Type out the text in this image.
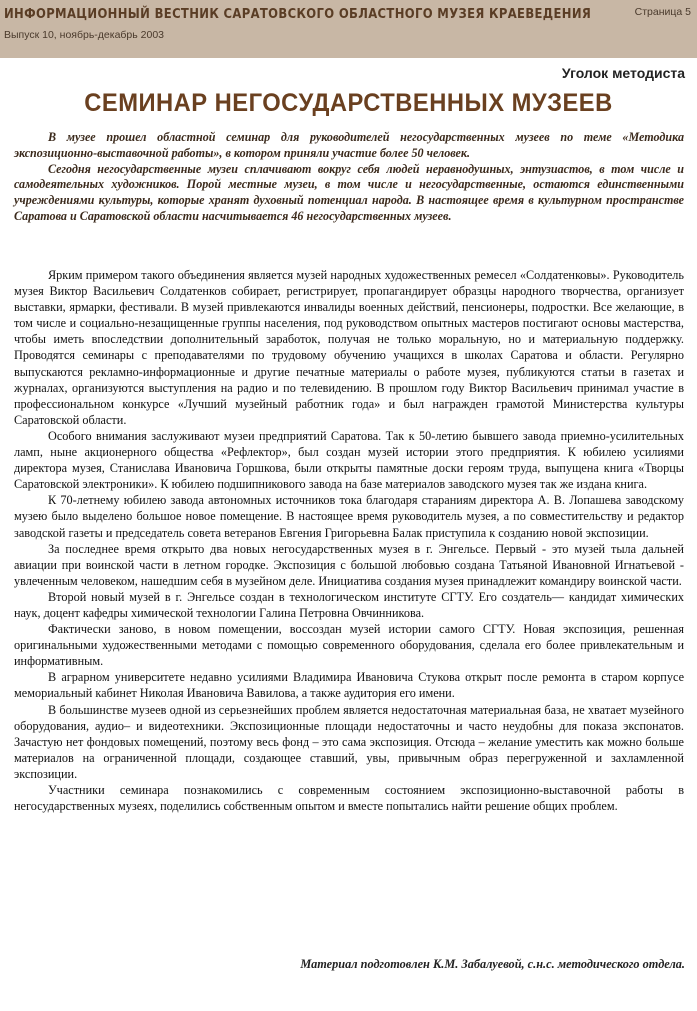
ИНФОРМАЦИОННЫЙ ВЕСТНИК САРАТОВСКОГО ОБЛАСТНОГО МУЗЕЯ КРАЕВЕДЕНИЯ
Выпуск 10, ноябрь-декабрь 2003
Страница 5
Уголок методиста
СЕМИНАР НЕГОСУДАРСТВЕННЫХ МУЗЕЕВ

В музее прошел областной семинар для руководителей негосударственных музеев по теме «Методика экспозиционно-выставочной работы», в котором приняли участие более 50 человек.

Сегодня негосударственные музеи сплачивают вокруг себя людей неравнодушных, энтузиастов, в том числе и самодеятельных художников. Порой местные музеи, в том числе и негосударственные, остаются единственными учреждениями культуры, которые хранят духовный потенциал народа. В настоящее время в культурном пространстве Саратова и Саратовской области насчитывается 46 негосударственных музеев.

Ярким примером такого объединения является музей народных художественных ремесел «Солдатенковы». Руководитель музея Виктор Васильевич Солдатенков собирает, регистрирует, пропагандирует образцы народного творчества, организует выставки, ярмарки, фестивали. В музей привлекаются инвалиды военных действий, пенсионеры, подростки. Все желающие, в том числе и социально-незащищенные группы населения, под руководством опытных мастеров постигают основы мастерства, чтобы иметь впоследствии дополнительный заработок, получая не только моральную, но и материальную поддержку. Проводятся семинары с преподавателями по трудовому обучению учащихся в школах Саратова и области. Регулярно выпускаются рекламно-информационные и другие печатные материалы о работе музея, публикуются статьи в газетах и журналах, организуются выступления на радио и по телевидению. В прошлом году Виктор Васильевич принимал участие в профессиональном конкурсе «Лучший музейный работник года» и был награжден грамотой Министерства культуры Саратовской области.

Особого внимания заслуживают музеи предприятий Саратова. Так к 50-летию бывшего завода приемно-усилительных ламп, ныне акционерного общества «Рефлектор», был создан музей истории этого предприятия. К юбилею усилиями директора музея, Станислава Ивановича Горшкова, были открыты памятные доски героям труда, выпущена книга «Творцы Саратовской электроники». К юбилею подшипникового завода на базе материалов заводского музея так же издана книга.

К 70-летнему юбилею завода автономных источников тока благодаря стараниям директора А. В. Лопашева заводскому музею было выделено большое новое помещение. В настоящее время руководитель музея, а по совместительству и редактор заводской газеты и председатель совета ветеранов Евгения Григорьевна Балак приступила к созданию новой экспозиции.

За последнее время открыто два новых негосударственных музея в г. Энгельсе. Первый - это музей тыла дальней авиации при воинской части в летном городке. Экспозиция с большой любовью создана Татьяной Ивановной Игнатьевой - увлеченным человеком, нашедшим себя в музейном деле. Инициатива создания музея принадлежит командиру воинской части.

Второй новый музей в г. Энгельсе создан в технологическом институте СГТУ. Его создатель— кандидат химических наук, доцент кафедры химической технологии Галина Петровна Овчинникова.

Фактически заново, в новом помещении, воссоздан музей истории самого СГТУ. Новая экспозиция, решенная оригинальными художественными методами с помощью современного оборудования, сделала его более привлекательным и информативным.

В аграрном университете недавно усилиями Владимира Ивановича Стукова открыт после ремонта в старом корпусе мемориальный кабинет Николая Ивановича Вавилова, а также аудитория его имени.

В большинстве музеев одной из серьезнейших проблем является недостаточная материальная база, не хватает музейного оборудования, аудио– и видеотехники. Экспозиционные площади недостаточны и часто неудобны для показа экспонатов. Зачастую нет фондовых помещений, поэтому весь фонд – это сама экспозиция. Отсюда – желание уместить как можно больше материалов на ограниченной площади, создающее ставший, увы, привычным образ перегруженной и захламленной экспозиции.

Участники семинара познакомились с современным состоянием экспозиционно-выставочной работы в негосударственных музеях, поделились собственным опытом и вместе попытались найти решение общих проблем.

Материал подготовлен К.М. Забалуевой, с.н.с. методического отдела.
